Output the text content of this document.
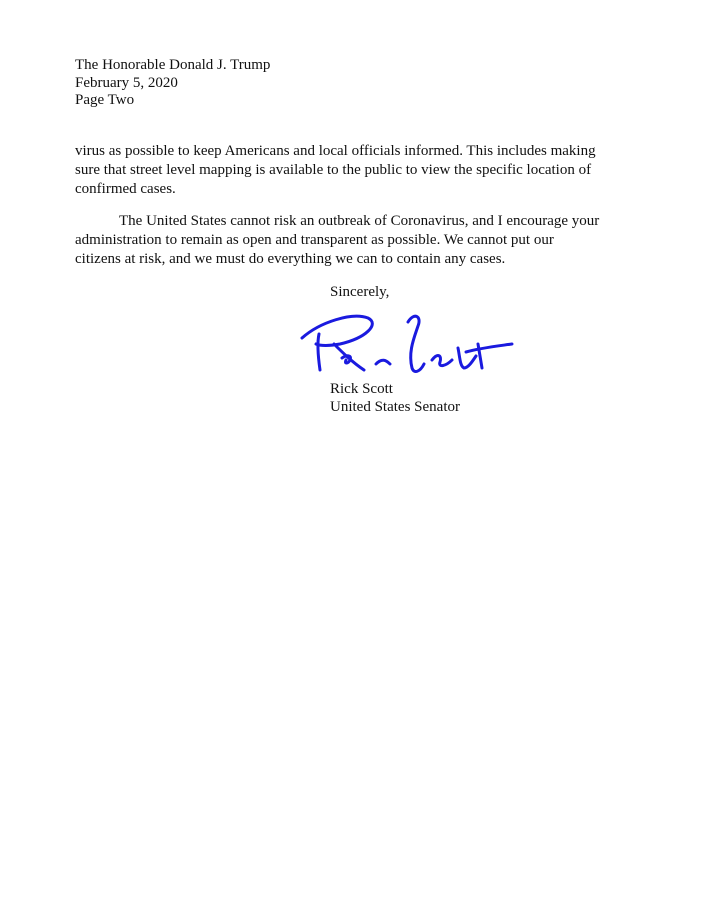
The Honorable Donald J. Trump
February 5, 2020
Page Two
virus as possible to keep Americans and local officials informed. This includes making
sure that street level mapping is available to the public to view the specific location of
confirmed cases.
The United States cannot risk an outbreak of Coronavirus, and I encourage your
administration to remain as open and transparent as possible. We cannot put our
citizens at risk, and we must do everything we can to contain any cases.
Sincerely,
Rick Scott
United States Senator
